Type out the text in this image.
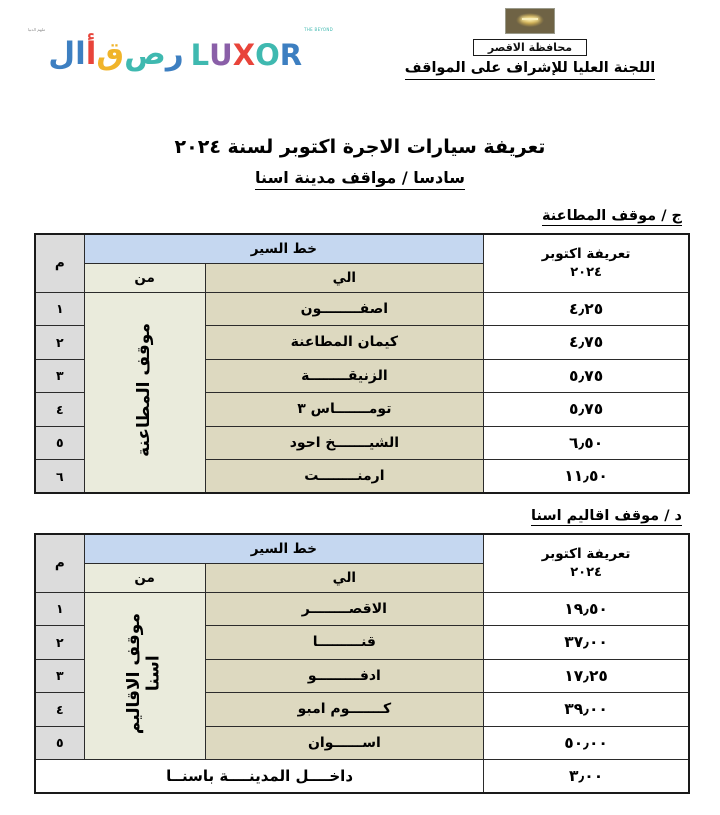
ملهم الدنيا
ر
ص
ق
أ
ال	L U X O R
THE BEYOND
محافظة الاقصر
اللجنة العليا للإشراف على المواقف
تعريفة سيارات الاجرة اكتوبر لسنة ٢٠٢٤
سادسا / مواقف مدينة اسنا
ج / موقف المطاعنة
تعريفة اكتوبر
٢٠٢٤	خط السير		م
	الي	من	
٤٫٢٥	اصفــــــــون	موقف المطاعنة	١
٤٫٧٥	كيمان المطاعنة		٢
٥٫٧٥	الزنيقــــــــة		٣
٥٫٧٥	تومـــــــاس ٣		٤
٦٫٥٠	الشيـــــــخ احود		٥
١١٫٥٠	ارمنــــــــت		٦
د / موقف اقاليم اسنا
تعريفة اكتوبر
٢٠٢٤	خط السير		م
	الي	من	
١٩٫٥٠	الاقصــــــــر	موقف الاقاليم اسنا	١
٣٧٫٠٠	قنـــــــــا		٢
١٧٫٢٥	ادفـــــــــو		٣
٣٩٫٠٠	كـــــــوم امبو		٤
٥٠٫٠٠	اســــــوان		٥
٣٫٠٠	داخــــل المدينــــة باسنــا		
